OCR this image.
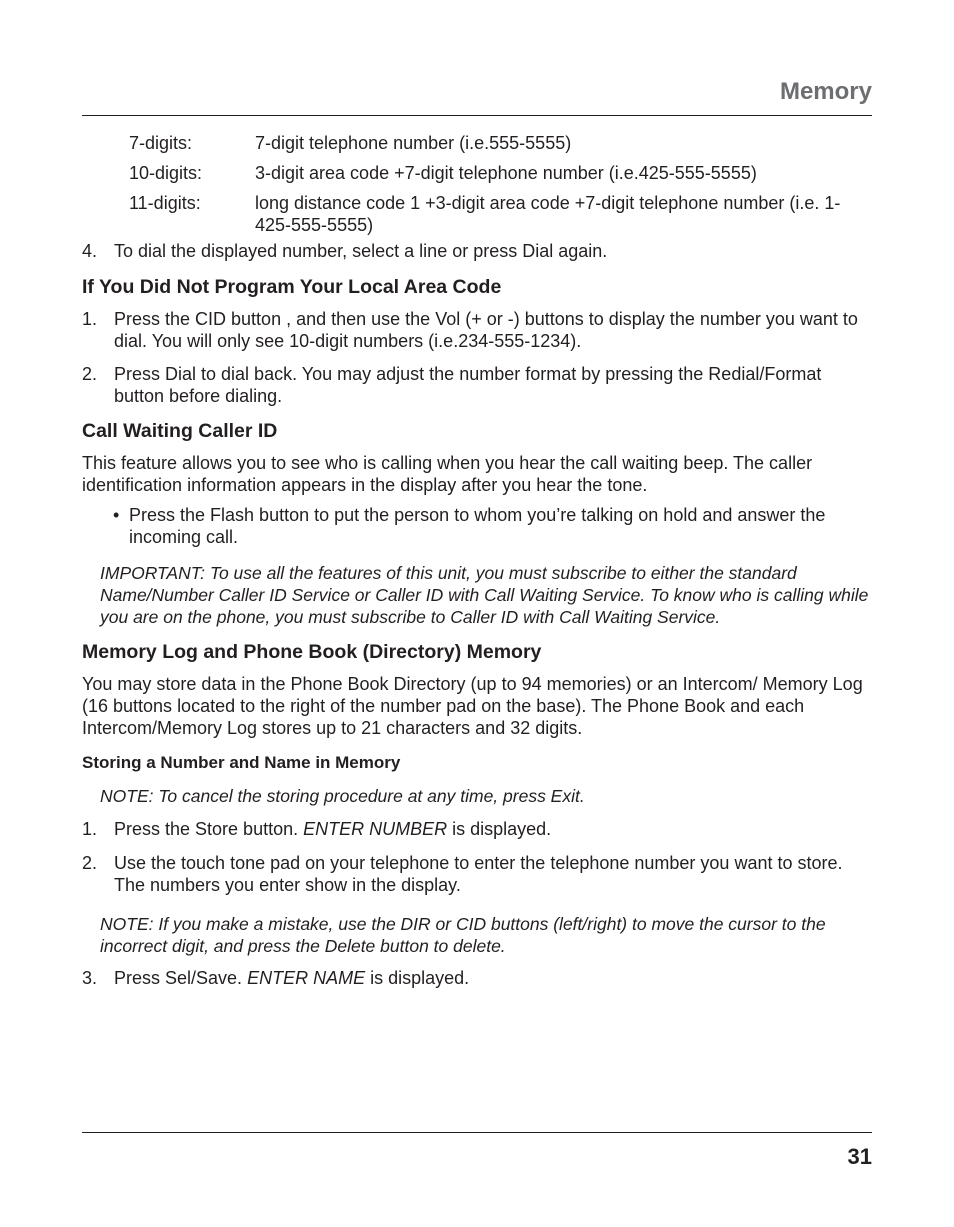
Memory
7-digits:	7-digit telephone number (i.e.555-5555)
10-digits:	3-digit area code +7-digit telephone number (i.e.425-555-5555)
11-digits:	long distance code 1 +3-digit area code +7-digit telephone number (i.e. 1-425-555-5555)
4. To dial the displayed number, select a line or press Dial again.
If You Did Not Program Your Local Area Code
1. Press the CID button , and then use the Vol (+ or -) buttons to display the number you want to dial. You will only see 10-digit numbers (i.e.234-555-1234).
2. Press Dial to dial back. You may adjust the number format by pressing the Redial/Format button before dialing.
Call Waiting Caller ID
This feature allows you to see who is calling when you hear the call waiting beep. The caller identification information appears in the display after you hear the tone.
• Press the Flash button to put the person to whom you’re talking on hold and answer the incoming call.
IMPORTANT: To use all the features of this unit, you must subscribe to either the standard Name/Number Caller ID Service or Caller ID with Call Waiting Service. To know who is calling while you are on the phone, you must subscribe to Caller ID with Call Waiting Service.
Memory Log and Phone Book (Directory) Memory
You may store data in the Phone Book Directory (up to 94 memories) or an Intercom/ Memory Log (16 buttons located to the right of the number pad on the base). The Phone Book and each Intercom/Memory Log stores up to 21 characters and 32 digits.
Storing a Number and Name in Memory
NOTE: To cancel the storing procedure at any time, press Exit.
1. Press the Store button. ENTER NUMBER is displayed.
2. Use the touch tone pad on your telephone to enter the telephone number you want to store. The numbers you enter show in the display.
NOTE: If you make a mistake, use the DIR or CID buttons (left/right) to move the cursor to the incorrect digit, and press the Delete button to delete.
3. Press Sel/Save. ENTER NAME is displayed.
31
